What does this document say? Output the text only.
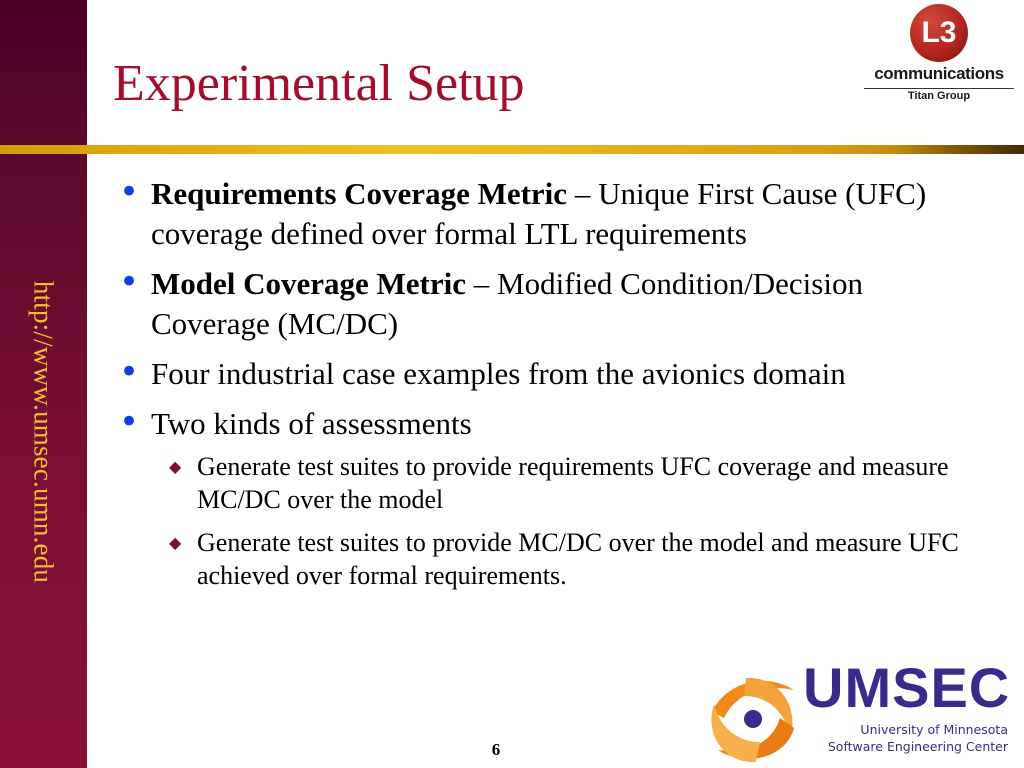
http://www.umsec.umn.edu
Experimental Setup
L3
communications
Titan Group
• Requirements Coverage Metric – Unique First Cause (UFC) coverage defined over formal LTL requirements
• Model Coverage Metric – Modified Condition/Decision Coverage (MC/DC)
• Four industrial case examples from the avionics domain
• Two kinds of assessments
◆ Generate test suites to provide requirements UFC coverage and measure MC/DC over the model
◆ Generate test suites to provide MC/DC over the model and measure UFC achieved over formal requirements.
6
UMSEC
University of Minnesota
Software Engineering Center
